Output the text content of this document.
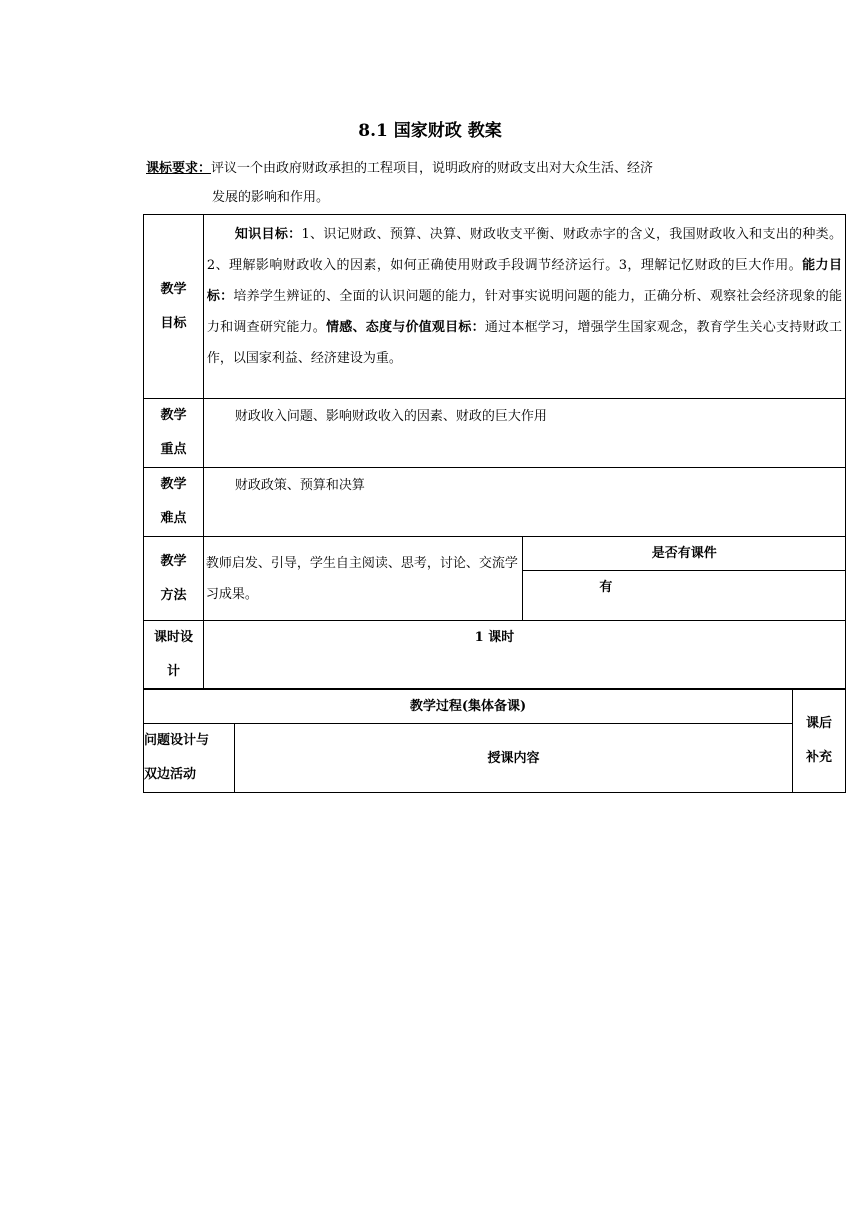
8.1 国家财政 教案
课标要求：评议一个由政府财政承担的工程项目，说明政府的财政支出对大众生活、经济
发展的影响和作用。
教学
目标	知识目标：1、识记财政、预算、决算、财政收支平衡、财政赤字的含义，我国财政收入和支出的种类。2、理解影响财政收入的因素，如何正确使用财政手段调节经济运行。3，理解记忆财政的巨大作用。能力目标：培养学生辨证的、全面的认识问题的能力，针对事实说明问题的能力，正确分析、观察社会经济现象的能力和调查研究能力。情感、态度与价值观目标：通过本框学习，增强学生国家观念，教育学生关心支持财政工作，以国家利益、经济建设为重。	

教学
重点	财政收入问题、影响财政收入的因素、财政的巨大作用	

教学
难点	财政政策、预算和决算	

教学
方法	教师启发、引导，学生自主阅读、思考，讨论、交流学习成果。	是否有课件
		有

课时设
计	1 课时	
教学过程(集体备课)		课后
补充

问题设计与
双边活动	授课内容	
